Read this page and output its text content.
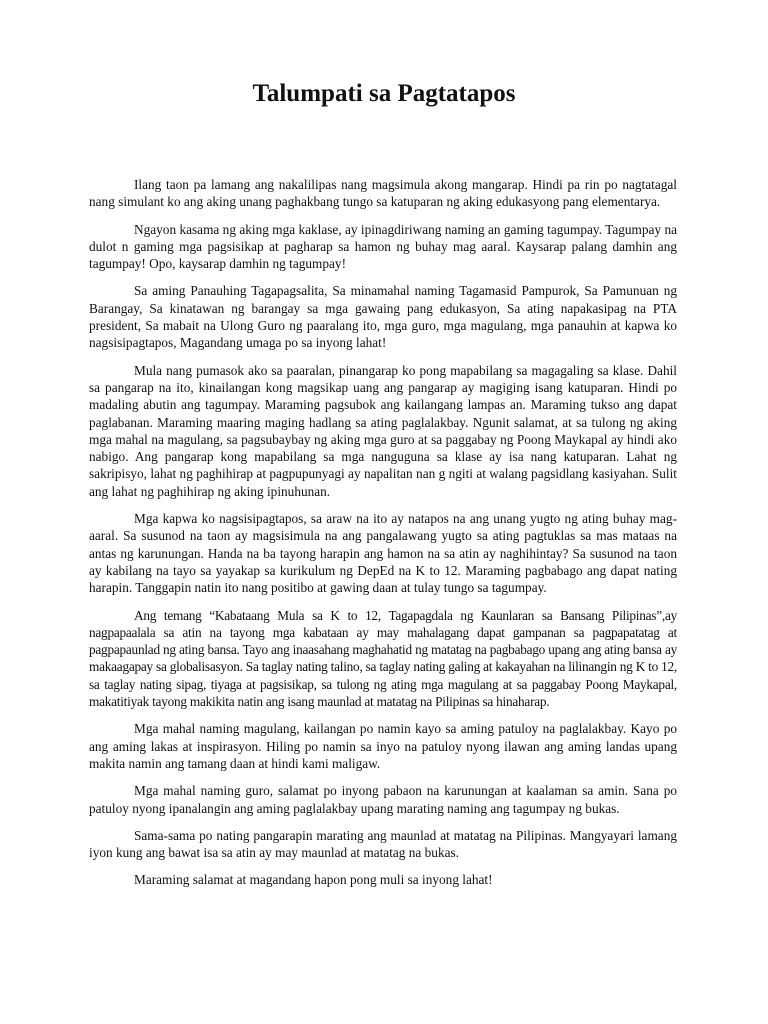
Talumpati sa Pagtatapos

Ilang taon pa lamang ang nakalilipas nang magsimula akong mangarap. Hindi pa rin po nagtatagal nang simulant ko ang aking unang paghakbang tungo sa katuparan ng aking edukasyong pang elementarya.

Ngayon kasama ng aking mga kaklase, ay ipinagdiriwang naming an gaming tagumpay. Tagumpay na dulot n gaming mga pagsisikap at pagharap sa hamon ng buhay mag aaral. Kaysarap palang damhin ang tagumpay! Opo, kaysarap damhin ng tagumpay!

Sa aming Panauhing Tagapagsalita, Sa minamahal naming Tagamasid Pampurok, Sa Pamunuan ng Barangay, Sa kinatawan ng barangay sa mga gawaing pang edukasyon, Sa ating napakasipag na PTA president, Sa mabait na Ulong Guro ng paaralang ito, mga guro, mga magulang, mga panauhin at kapwa ko nagsisipagtapos, Magandang umaga po sa inyong lahat!

Mula nang pumasok ako sa paaralan, pinangarap ko pong mapabilang sa magagaling sa klase. Dahil sa pangarap na ito, kinailangan kong magsikap uang ang pangarap ay magiging isang katuparan. Hindi po madaling abutin ang tagumpay. Maraming pagsubok ang kailangang lampas an. Maraming tukso ang dapat paglabanan. Maraming maaring maging hadlang sa ating paglalakbay. Ngunit salamat, at sa tulong ng aking mga mahal na magulang, sa pagsubaybay ng aking mga guro at sa paggabay ng Poong Maykapal ay hindi ako nabigo. Ang pangarap kong mapabilang sa mga nanguguna sa klase ay isa nang katuparan. Lahat ng sakripisyo, lahat ng paghihirap at pagpupunyagi ay napalitan nan g ngiti at walang pagsidlang kasiyahan. Sulit ang lahat ng paghihirap ng aking ipinuhunan.

Mga kapwa ko nagsisipagtapos, sa araw na ito ay natapos na ang unang yugto ng ating buhay mag-aaral. Sa susunod na taon ay magsisimula na ang pangalawang yugto sa ating pagtuklas sa mas mataas na antas ng karunungan. Handa na ba tayong harapin ang hamon na sa atin ay naghihintay? Sa susunod na taon ay kabilang na tayo sa yayakap sa kurikulum ng DepEd na K to 12. Maraming pagbabago ang dapat nating harapin. Tanggapin natin ito nang positibo at gawing daan at tulay tungo sa tagumpay.

Ang temang “Kabataang Mula sa K to 12, Tagapagdala ng Kaunlaran sa Bansang Pilipinas”,ay nagpapaalala sa atin na tayong mga kabataan ay may mahalagang dapat gampanan sa pagpapatatag at pagpapaunlad ng ating bansa. Tayo ang inaasahang maghahatid ng matatag na pagbabago upang ang ating bansa ay makaagapay sa globalisasyon. Sa taglay nating talino, sa taglay nating galing at kakayahan na lilinangin ng K to 12, sa taglay nating sipag, tiyaga at pagsisikap, sa tulong ng ating mga magulang at sa paggabay Poong Maykapal, makatitiyak tayong makikita natin ang isang maunlad at matatag na Pilipinas sa hinaharap.

Mga mahal naming magulang, kailangan po namin kayo sa aming patuloy na paglalakbay. Kayo po ang aming lakas at inspirasyon. Hiling po namin sa inyo na patuloy nyong ilawan ang aming landas upang makita namin ang tamang daan at hindi kami maligaw.

Mga mahal naming guro, salamat po inyong pabaon na karunungan at kaalaman sa amin. Sana po patuloy nyong ipanalangin ang aming paglalakbay upang marating naming ang tagumpay ng bukas.

Sama-sama po nating pangarapin marating ang maunlad at matatag na Pilipinas. Mangyayari lamang iyon kung ang bawat isa sa atin ay may maunlad at matatag na bukas.

Maraming salamat at magandang hapon pong muli sa inyong lahat!
